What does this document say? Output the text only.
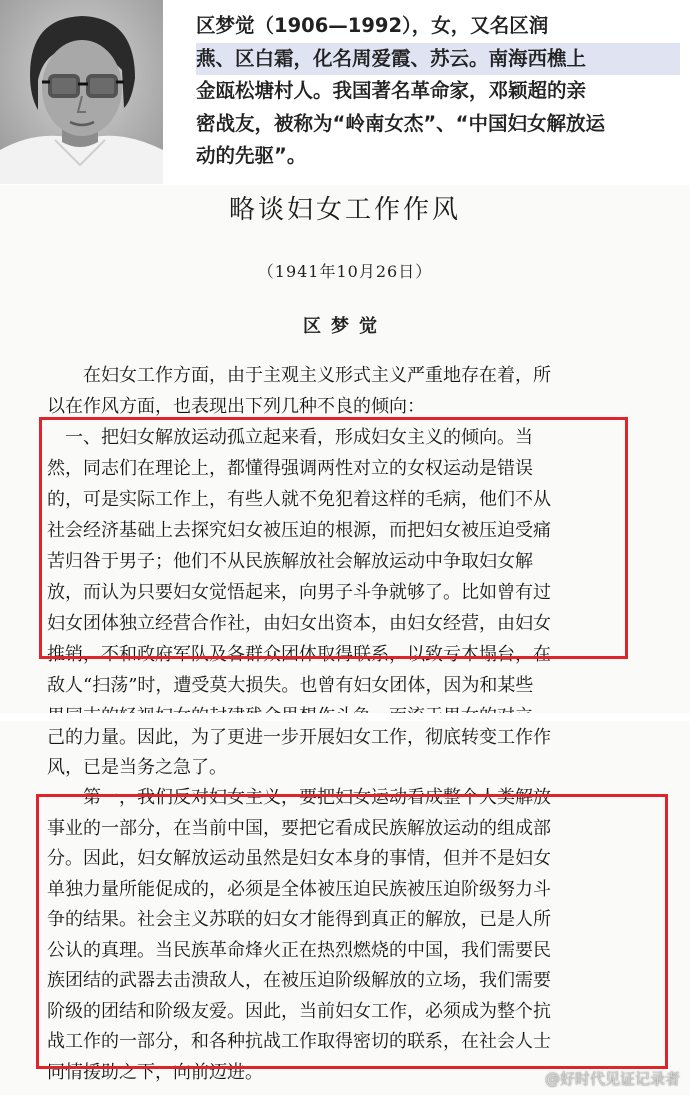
区梦觉（1906—1992），女，又名区润
燕、区白霜，化名周爱霞、苏云。南海西樵上
金瓯松塘村人。我国著名革命家，邓颖超的亲
密战友，被称为“岭南女杰”、“中国妇女解放运
动的先驱”。
略谈妇女工作作风
（1941年10月26日）
区梦觉
在妇女工作方面，由于主观主义形式主义严重地存在着，所
以在作风方面，也表现出下列几种不良的倾向：
一、把妇女解放运动孤立起来看，形成妇女主义的倾向。当
然，同志们在理论上，都懂得强调两性对立的女权运动是错误
的，可是实际工作上，有些人就不免犯着这样的毛病，他们不从
社会经济基础上去探究妇女被压迫的根源，而把妇女被压迫受痛
苦归咎于男子；他们不从民族解放社会解放运动中争取妇女解
放，而认为只要妇女觉悟起来，向男子斗争就够了。比如曾有过
妇女团体独立经营合作社，由妇女出资本，由妇女经营，由妇女
推销，不和政府军队及各群众团体取得联系，以致亏本塌台，在
敌人“扫荡”时，遭受莫大损失。也曾有妇女团体，因为和某些
己的力量。因此，为了更进一步开展妇女工作，彻底转变工作作
风，已是当务之急了。
第一，我们反对妇女主义，要把妇女运动看成整个人类解放
事业的一部分，在当前中国，要把它看成民族解放运动的组成部
分。因此，妇女解放运动虽然是妇女本身的事情，但并不是妇女
单独力量所能促成的，必须是全体被压迫民族被压迫阶级努力斗
争的结果。社会主义苏联的妇女才能得到真正的解放，已是人所
公认的真理。当民族革命烽火正在热烈燃烧的中国，我们需要民
族团结的武器去击溃敌人，在被压迫阶级解放的立场，我们需要
阶级的团结和阶级友爱。因此，当前妇女工作，必须成为整个抗
战工作的一部分，和各种抗战工作取得密切的联系，在社会人士
同情援助之下，向前迈进。	@好时代见证记录者
